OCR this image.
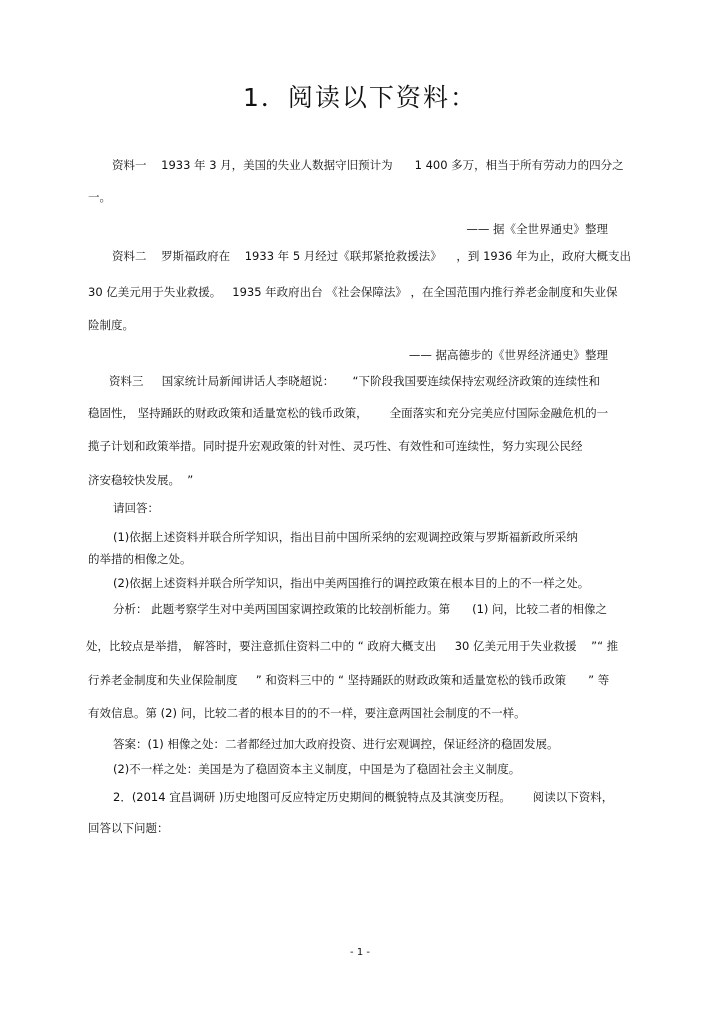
1．阅读以下资料：
资料一    1933 年 3 月，美国的失业人数据守旧预计为      1 400 多万，相当于所有劳动力的四分之
一。
—— 据《全世界通史》整理
资料二    罗斯福政府在    1933 年 5 月经过《联邦紧抢救援法》    ，到 1936 年为止，政府大概支出
30 亿美元用于失业救援。   1935 年政府出台 《社会保障法》 ，在全国范围内推行养老金制度和失业保
险制度。
—— 据高德步的《世界经济通史》整理
资料三     国家统计局新闻讲话人李晓超说：     “下阶段我国要连续保持宏观经济政策的连续性和
稳固性， 坚持踊跃的财政政策和适量宽松的钱币政策，      全面落实和充分完美应付国际金融危机的一
揽子计划和政策举措。同时提升宏观政策的针对性、灵巧性、有效性和可连续性，努力实现公民经
济安稳较快发展。  ”
请回答：
(1)依据上述资料并联合所学知识，指出目前中国所采纳的宏观调控政策与罗斯福新政所采纳
的举措的相像之处。
(2)依据上述资料并联合所学知识，指出中美两国推行的调控政策在根本目的上的不一样之处。
分析： 此题考察学生对中美两国国家调控政策的比较剖析能力。第      (1) 问，比较二者的相像之
处，比较点是举措， 解答时，要注意抓住资料二中的 “ 政府大概支出     30 亿美元用于失业救援    ”“ 推
行养老金制度和失业保险制度     ” 和资料三中的 “ 坚持踊跃的财政政策和适量宽松的钱币政策      ” 等
有效信息。第 (2) 问，比较二者的根本目的的不一样，要注意两国社会制度的不一样。
答案：(1) 相像之处：二者都经过加大政府投资、进行宏观调控，保证经济的稳固发展。
(2)不一样之处：美国是为了稳固资本主义制度，中国是为了稳固社会主义制度。
2．(2014 宜昌调研 )历史地图可反应特定历史期间的概貌特点及其演变历程。      阅读以下资料，
回答以下问题：
- 1 -
